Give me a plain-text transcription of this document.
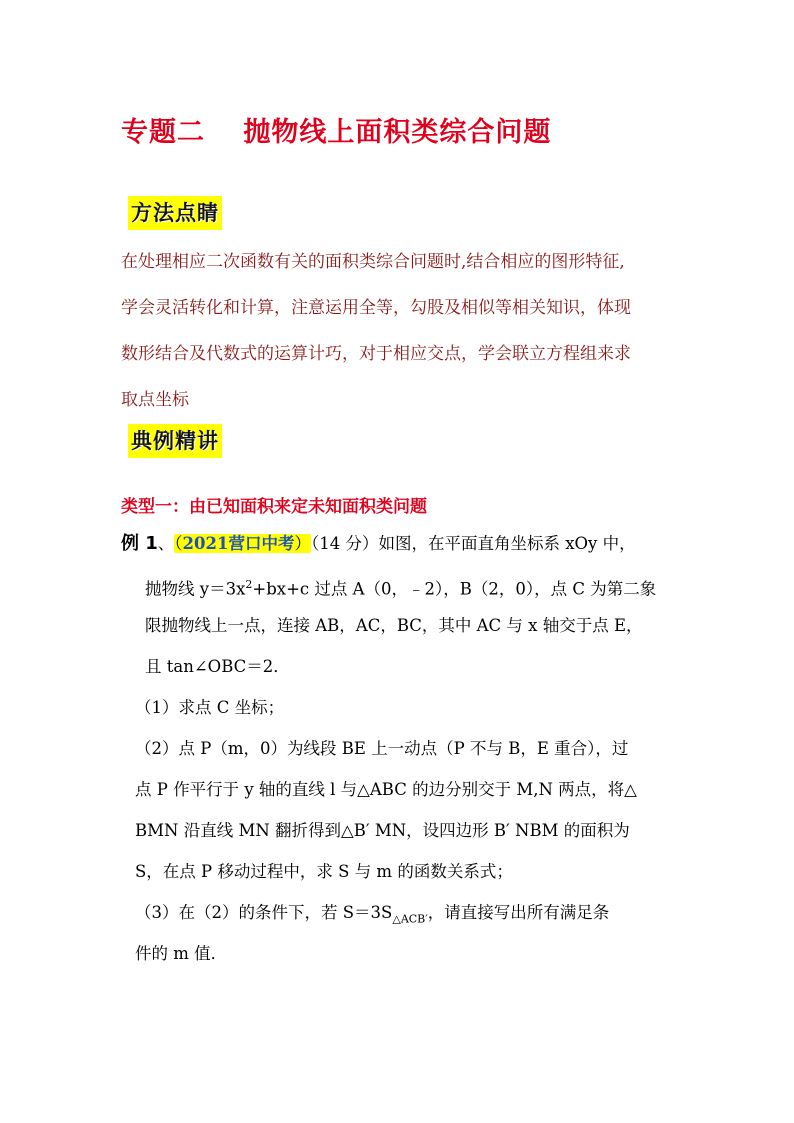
专题二　 抛物线上面积类综合问题
方法点睛
在处理相应二次函数有关的面积类综合问题时,结合相应的图形特征,
学会灵活转化和计算，注意运用全等，勾股及相似等相关知识，体现
数形结合及代数式的运算计巧，对于相应交点，学会联立方程组来求
取点坐标
典例精讲
类型一：由已知面积来定未知面积类问题
例 1、（2021营口中考）（14 分）如图，在平面直角坐标系 xOy 中，
抛物线 $y=3x^2+bx+c$ 过点 A（0，﹣2），B（2，0），点 C 为第二象
限抛物线上一点，连接 AB，AC，BC，其中 AC 与 x 轴交于点 E，
且 tan∠OBC＝2．
（1）求点 C 坐标；
（2）点 P（m，0）为线段 BE 上一动点（P 不与 B，E 重合），过
点 P 作平行于 y 轴的直线 l 与△ABC 的边分别交于 M,N 两点，将△
BMN 沿直线 MN 翻折得到△B′ MN，设四边形 B′ NBM 的面积为
S，在点 P 移动过程中，求 S 与 m 的函数关系式；
（3）在（2）的条件下，若 $S=3S_{\triangle ACB'}$，请直接写出所有满足条
件的 m 值．
